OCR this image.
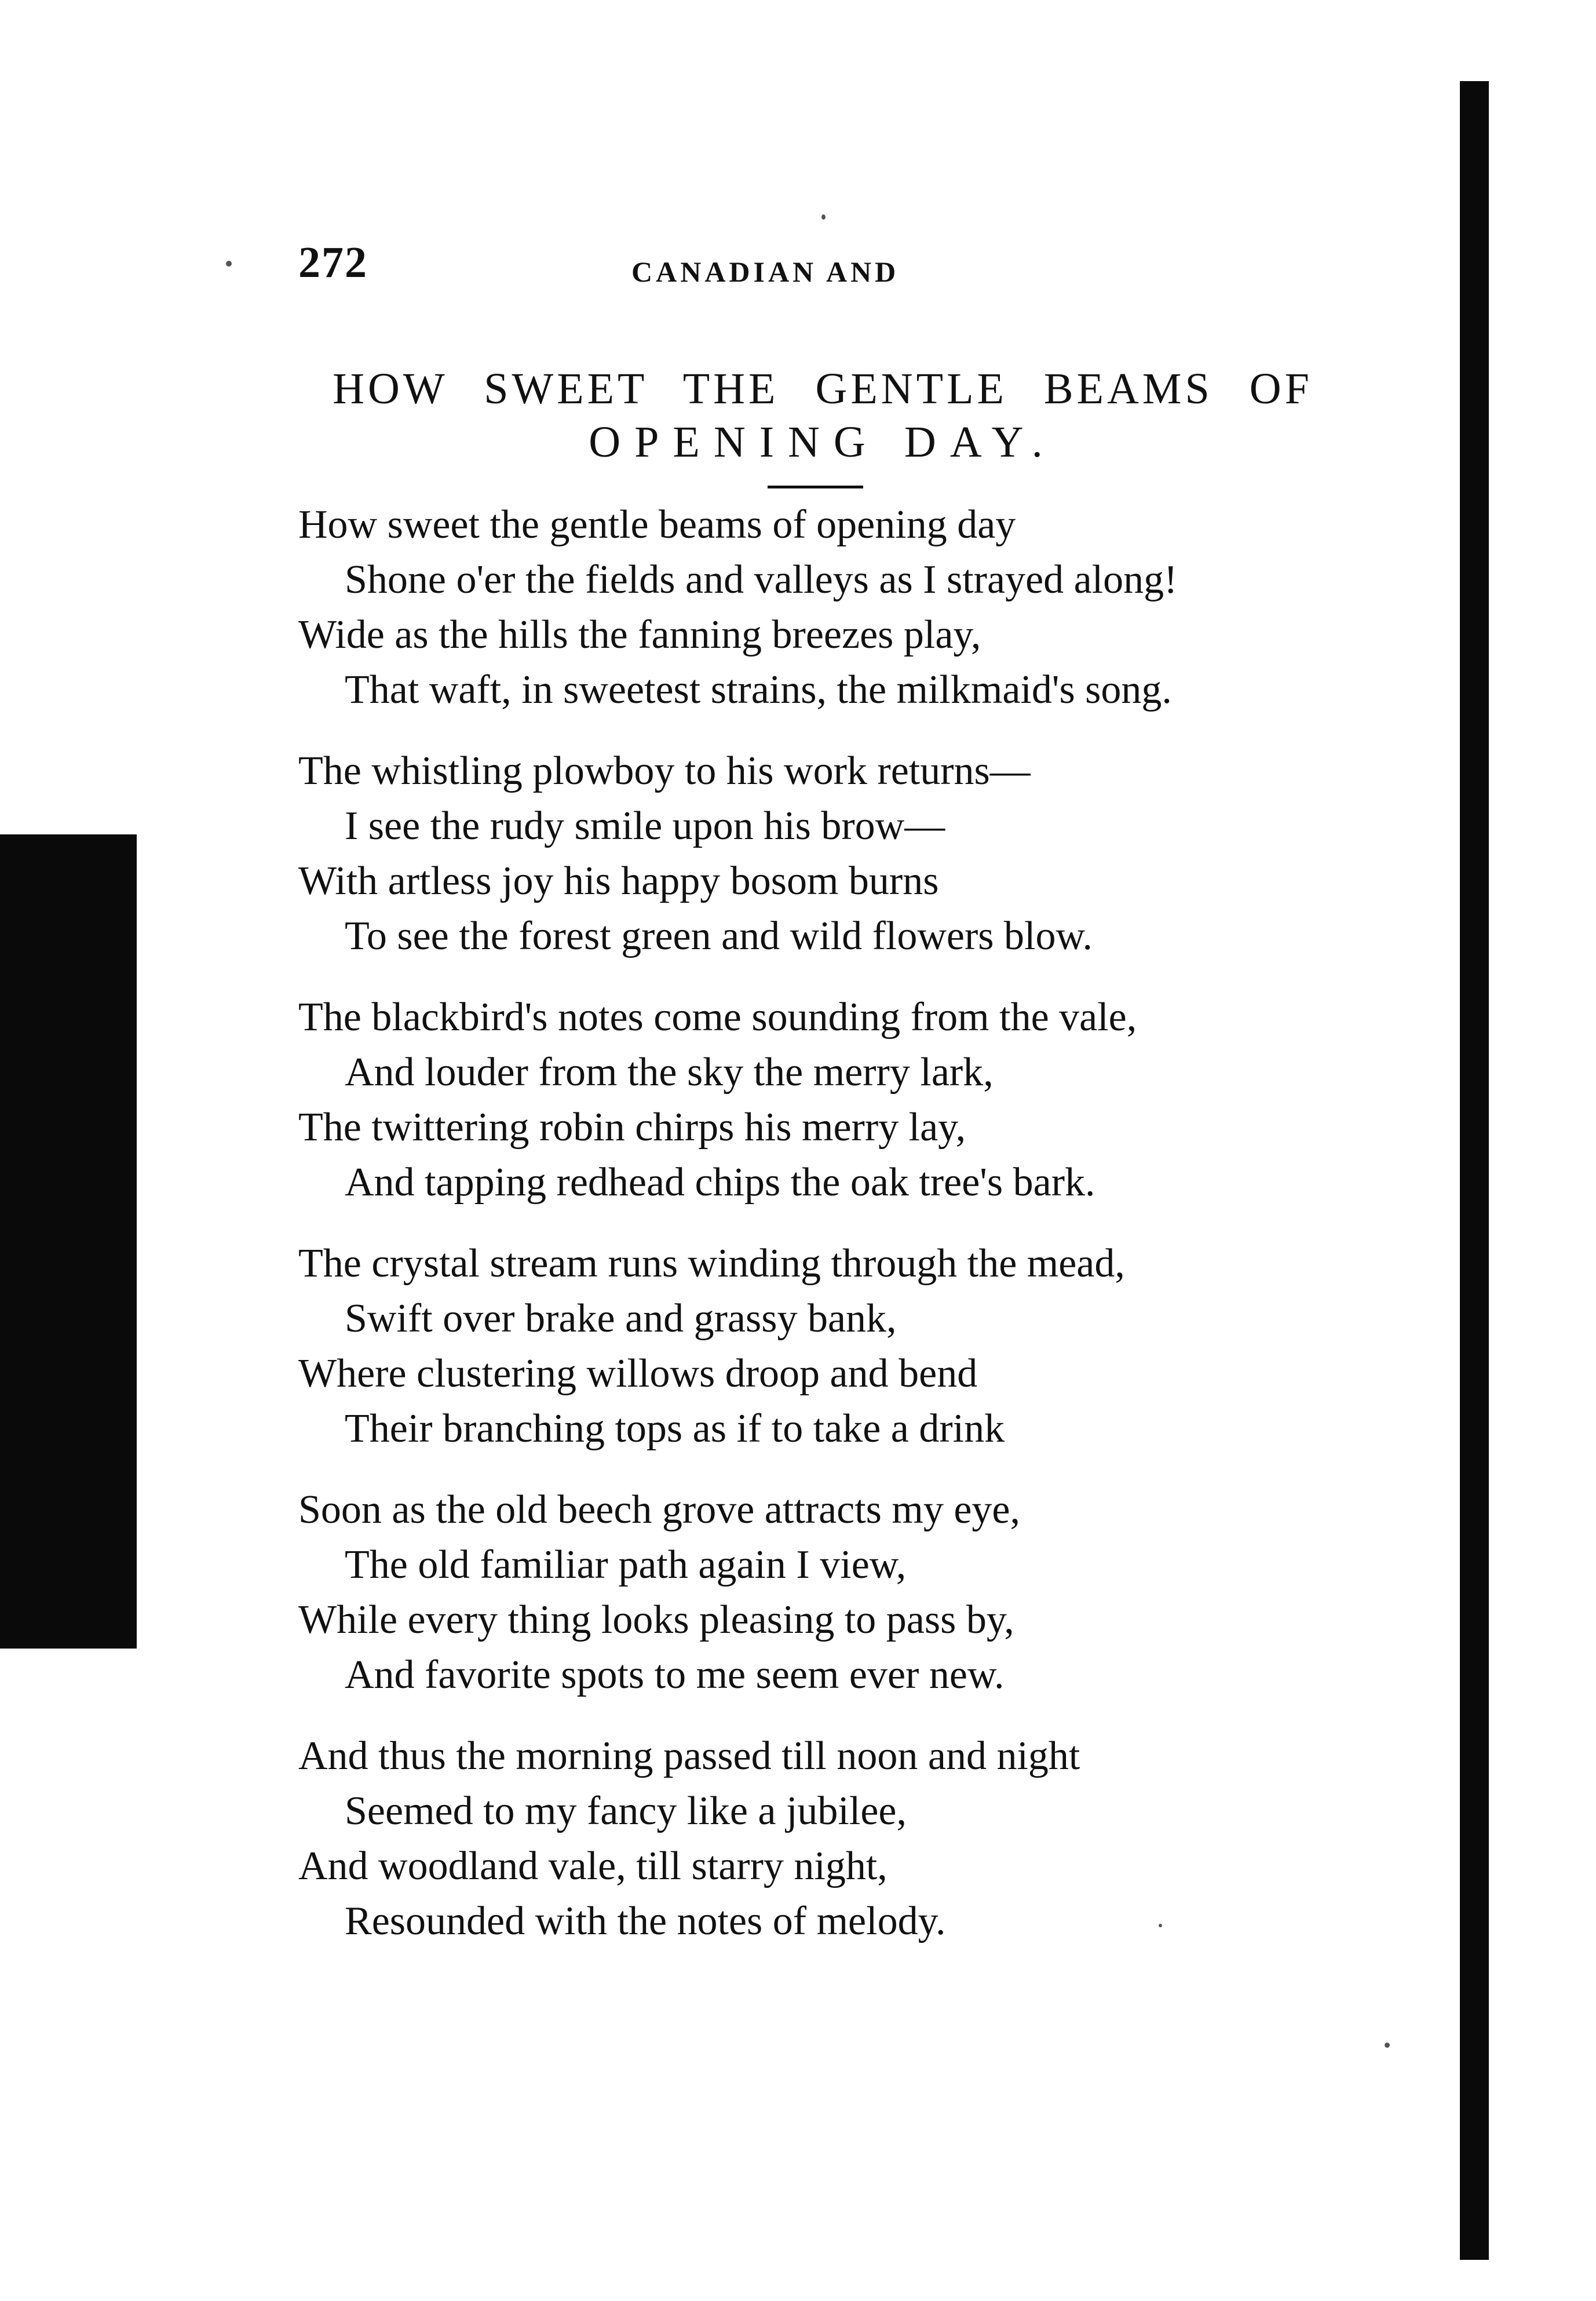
272	CANADIAN AND
HOW SWEET THE GENTLE BEAMS OF
OPENING DAY.
How sweet the gentle beams of opening day
Shone o'er the fields and valleys as I strayed along!
Wide as the hills the fanning breezes play,
That waft, in sweetest strains, the milkmaid's song.
The whistling plowboy to his work returns—
I see the rudy smile upon his brow—
With artless joy his happy bosom burns
To see the forest green and wild flowers blow.
The blackbird's notes come sounding from the vale,
And louder from the sky the merry lark,
The twittering robin chirps his merry lay,
And tapping redhead chips the oak tree's bark.
The crystal stream runs winding through the mead,
Swift over brake and grassy bank,
Where clustering willows droop and bend
Their branching tops as if to take a drink
Soon as the old beech grove attracts my eye,
The old familiar path again I view,
While every thing looks pleasing to pass by,
And favorite spots to me seem ever new.
And thus the morning passed till noon and night
Seemed to my fancy like a jubilee,
And woodland vale, till starry night,
Resounded with the notes of melody.
